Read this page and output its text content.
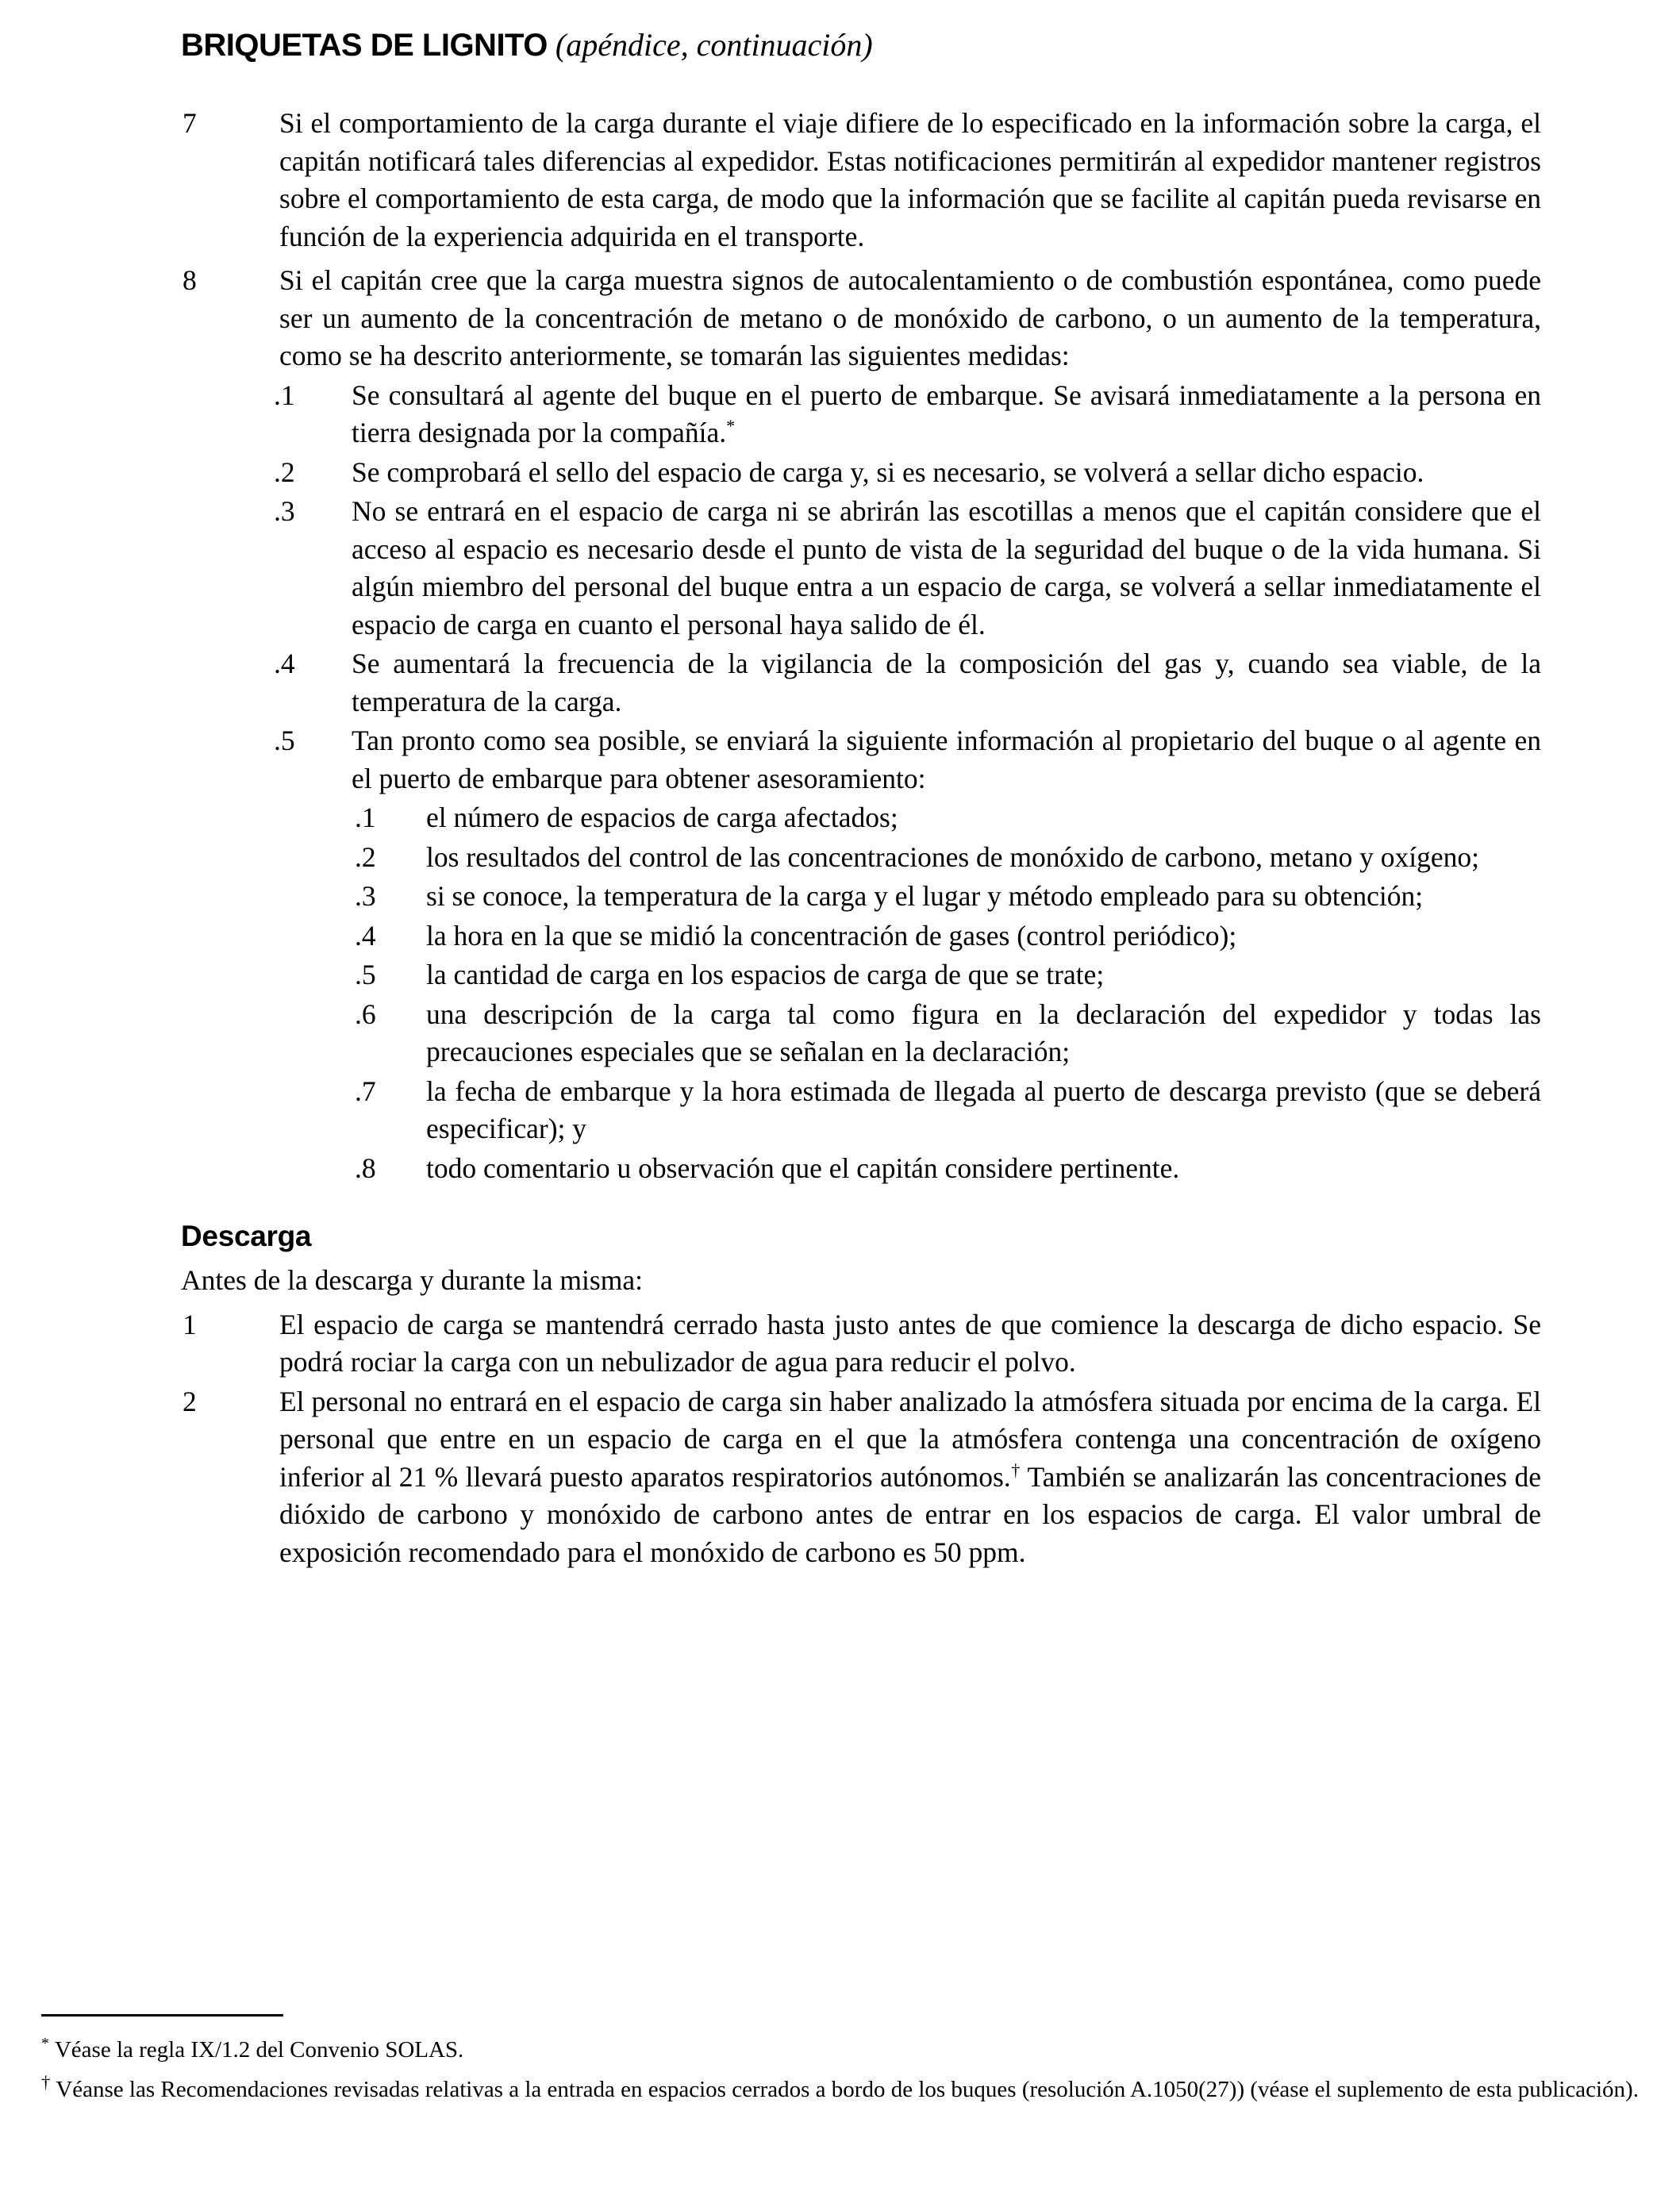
BRIQUETAS DE LIGNITO (apéndice, continuación)
7	Si el comportamiento de la carga durante el viaje difiere de lo especificado en la información sobre la carga, el capitán notificará tales diferencias al expedidor. Estas notificaciones permitirán al expedidor mantener registros sobre el comportamiento de esta carga, de modo que la información que se facilite al capitán pueda revisarse en función de la experiencia adquirida en el transporte.
8	Si el capitán cree que la carga muestra signos de autocalentamiento o de combustión espontánea, como puede ser un aumento de la concentración de metano o de monóxido de carbono, o un aumento de la temperatura, como se ha descrito anteriormente, se tomarán las siguientes medidas:
.1 Se consultará al agente del buque en el puerto de embarque. Se avisará inmediatamente a la persona en tierra designada por la compañía.*
.2 Se comprobará el sello del espacio de carga y, si es necesario, se volverá a sellar dicho espacio.
.3 No se entrará en el espacio de carga ni se abrirán las escotillas a menos que el capitán considere que el acceso al espacio es necesario desde el punto de vista de la seguridad del buque o de la vida humana. Si algún miembro del personal del buque entra a un espacio de carga, se volverá a sellar inmediatamente el espacio de carga en cuanto el personal haya salido de él.
.4 Se aumentará la frecuencia de la vigilancia de la composición del gas y, cuando sea viable, de la temperatura de la carga.
.5 Tan pronto como sea posible, se enviará la siguiente información al propietario del buque o al agente en el puerto de embarque para obtener asesoramiento:
.1 el número de espacios de carga afectados;
.2 los resultados del control de las concentraciones de monóxido de carbono, metano y oxígeno;
.3 si se conoce, la temperatura de la carga y el lugar y método empleado para su obtención;
.4 la hora en la que se midió la concentración de gases (control periódico);
.5 la cantidad de carga en los espacios de carga de que se trate;
.6 una descripción de la carga tal como figura en la declaración del expedidor y todas las precauciones especiales que se señalan en la declaración;
.7 la fecha de embarque y la hora estimada de llegada al puerto de descarga previsto (que se deberá especificar); y
.8 todo comentario u observación que el capitán considere pertinente.
Descarga
Antes de la descarga y durante la misma:
1	El espacio de carga se mantendrá cerrado hasta justo antes de que comience la descarga de dicho espacio. Se podrá rociar la carga con un nebulizador de agua para reducir el polvo.
2	El personal no entrará en el espacio de carga sin haber analizado la atmósfera situada por encima de la carga. El personal que entre en un espacio de carga en el que la atmósfera contenga una concentración de oxígeno inferior al 21 % llevará puesto aparatos respiratorios autónomos.† También se analizarán las concentraciones de dióxido de carbono y monóxido de carbono antes de entrar en los espacios de carga. El valor umbral de exposición recomendado para el monóxido de carbono es 50 ppm.
* Véase la regla IX/1.2 del Convenio SOLAS.
† Véanse las Recomendaciones revisadas relativas a la entrada en espacios cerrados a bordo de los buques (resolución A.1050(27)) (véase el suplemento de esta publicación).
